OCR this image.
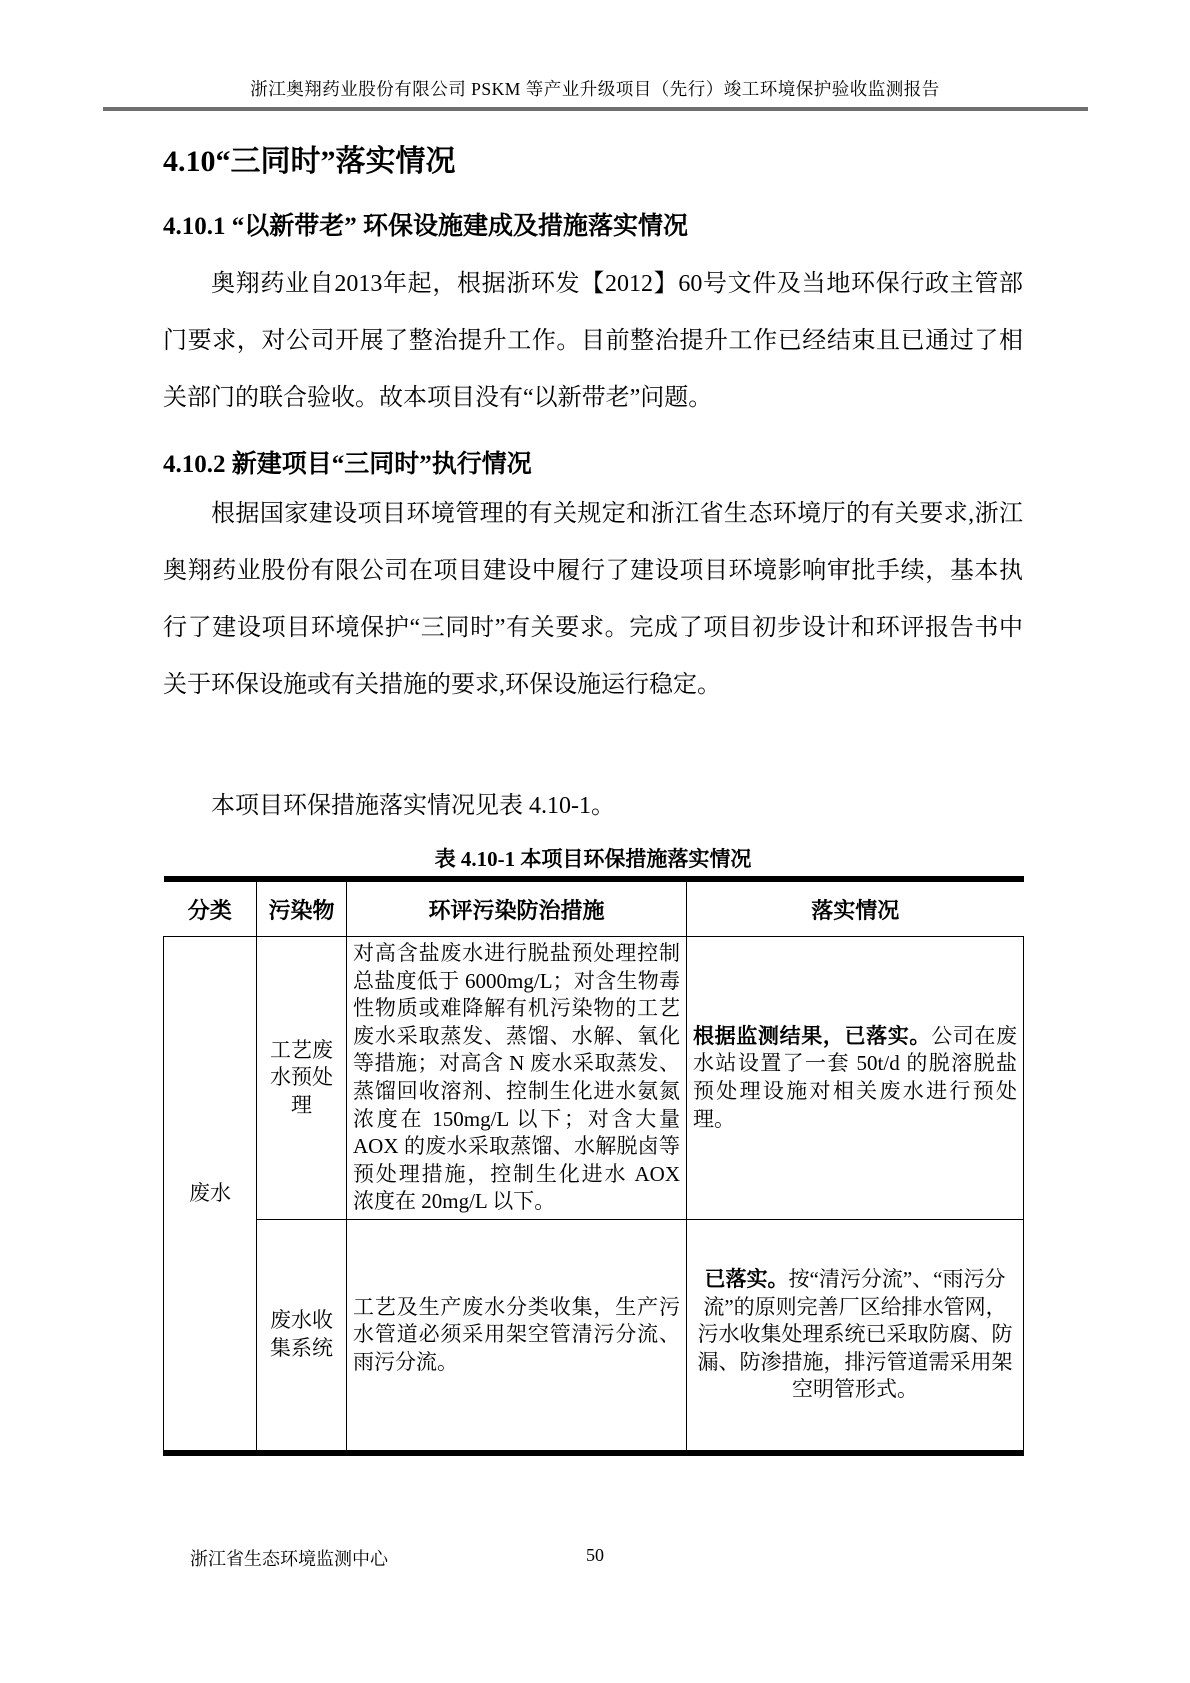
浙江奥翔药业股份有限公司 PSKM 等产业升级项目（先行）竣工环境保护验收监测报告
4.10“三同时”落实情况
4.10.1 “以新带老” 环保设施建成及措施落实情况
奥翔药业自2013年起，根据浙环发【2012】60号文件及当地环保行政主管部门要求，对公司开展了整治提升工作。目前整治提升工作已经结束且已通过了相关部门的联合验收。故本项目没有“以新带老”问题。
4.10.2 新建项目“三同时”执行情况
根据国家建设项目环境管理的有关规定和浙江省生态环境厅的有关要求,浙江奥翔药业股份有限公司在项目建设中履行了建设项目环境影响审批手续，基本执行了建设项目环境保护“三同时”有关要求。完成了项目初步设计和环评报告书中关于环保设施或有关措施的要求,环保设施运行稳定。
本项目环保措施落实情况见表 4.10-1。
表 4.10-1 本项目环保措施落实情况
分类	污染物	环评污染防治措施	落实情况
废水	工艺废水预处理	对高含盐废水进行脱盐预处理控制总盐度低于 6000mg/L；对含生物毒性物质或难降解有机污染物的工艺废水采取蒸发、蒸馏、水解、氧化等措施；对高含 N 废水采取蒸发、蒸馏回收溶剂、控制生化进水氨氮浓度在 150mg/L 以下；对含大量 AOX 的废水采取蒸馏、水解脱卤等预处理措施，控制生化进水 AOX 浓度在 20mg/L 以下。	根据监测结果，已落实。公司在废水站设置了一套 50t/d 的脱溶脱盐预处理设施对相关废水进行预处理。
	废水收集系统	工艺及生产废水分类收集，生产污水管道必须采用架空管清污分流、雨污分流。	已落实。按“清污分流”、“雨污分流”的原则完善厂区给排水管网，污水收集处理系统已采取防腐、防漏、防渗措施，排污管道需采用架空明管形式。
浙江省生态环境监测中心	50
